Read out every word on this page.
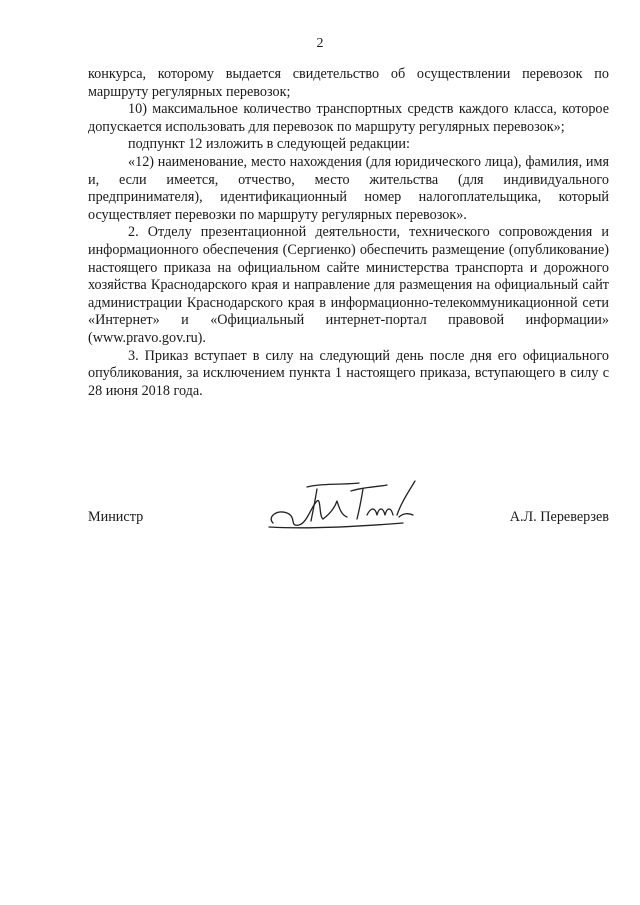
2

конкурса, которому выдается свидетельство об осуществлении перевозок по маршруту регулярных перевозок;

10) максимальное количество транспортных средств каждого класса, которое допускается использовать для перевозок по маршруту регулярных перевозок»;

подпункт 12 изложить в следующей редакции:

«12) наименование, место нахождения (для юридического лица), фамилия, имя и, если имеется, отчество, место жительства (для индивидуального предпринимателя), идентификационный номер налогоплательщика, который осуществляет перевозки по маршруту регулярных перевозок».

2. Отделу презентационной деятельности, технического сопровождения и информационного обеспечения (Сергиенко) обеспечить размещение (опубликование) настоящего приказа на официальном сайте министерства транспорта и дорожного хозяйства Краснодарского края и направление для размещения на официальный сайт администрации Краснодарского края в информационно-телекоммуникационной сети «Интернет» и «Официальный интернет-портал правовой информации» (www.pravo.gov.ru).

3. Приказ вступает в силу на следующий день после дня его официального опубликования, за исключением пункта 1 настоящего приказа, вступающего в силу с 28 июня 2018 года.

Министр	А.Л. Переверзев
